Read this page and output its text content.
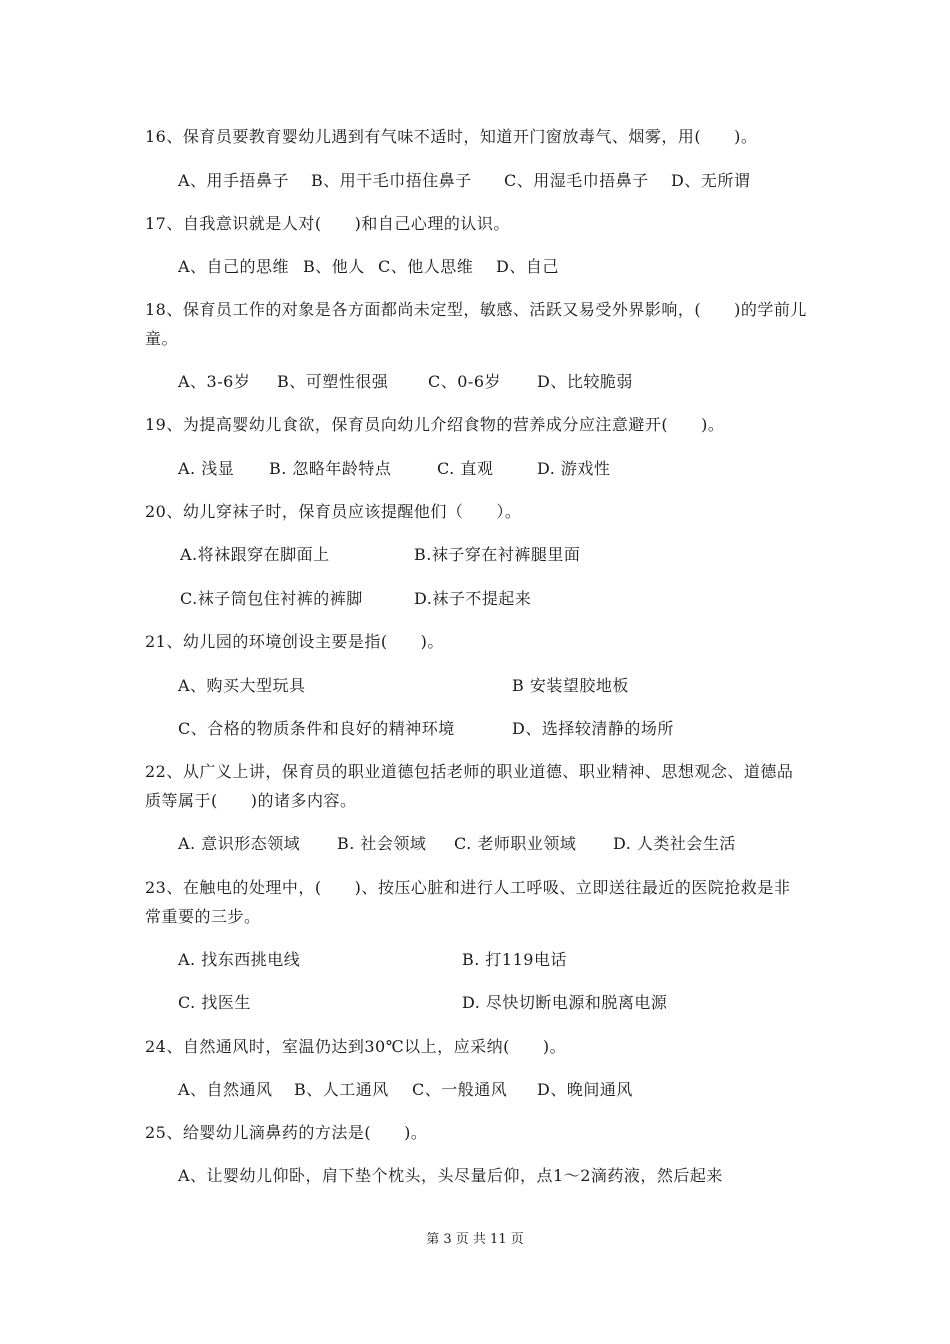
16、保育员要教育婴幼儿遇到有气味不适时，知道开门窗放毒气、烟雾，用(　　)。
A、用手捂鼻子 B、用干毛巾捂住鼻子 C、用湿毛巾捂鼻子 D、无所谓
17、自我意识就是人对(　　)和自己心理的认识。
A、自己的思维 B、他人 C、他人思维 D、自己
18、保育员工作的对象是各方面都尚未定型，敏感、活跃又易受外界影响，(　　)的学前儿
童。
A、3-6岁 B、可塑性很强 C、0-6岁 D、比较脆弱
19、为提高婴幼儿食欲，保育员向幼儿介绍食物的营养成分应注意避开(　　)。
A. 浅显 B. 忽略年龄特点	C. 直观	D. 游戏性
20、幼儿穿袜子时，保育员应该提醒他们（　　）。
A.将袜跟穿在脚面上	B.袜子穿在衬裤腿里面
C.袜子筒包住衬裤的裤脚	D.袜子不提起来
21、幼儿园的环境创设主要是指(　　)。
A、购买大型玩具	B 安装望胶地板
C、合格的物质条件和良好的精神环境	D、选择较清静的场所
22、从广义上讲，保育员的职业道德包括老师的职业道德、职业精神、思想观念、道德品
质等属于(　　)的诸多内容。
A. 意识形态领域 B. 社会领域 C. 老师职业领域 D. 人类社会生活
23、在触电的处理中，(　　)、按压心脏和进行人工呼吸、立即送往最近的医院抢救是非
常重要的三步。
A. 找东西挑电线	B. 打119电话
C. 找医生	D. 尽快切断电源和脱离电源
24、自然通风时，室温仍达到30℃以上，应采纳(　　)。
A、自然通风 B、人工通风 C、一般通风 D、晚间通风
25、给婴幼儿滴鼻药的方法是(　　)。
A、让婴幼儿仰卧，肩下垫个枕头，头尽量后仰，点1～2滴药液，然后起来
第 3 页 共 11 页
